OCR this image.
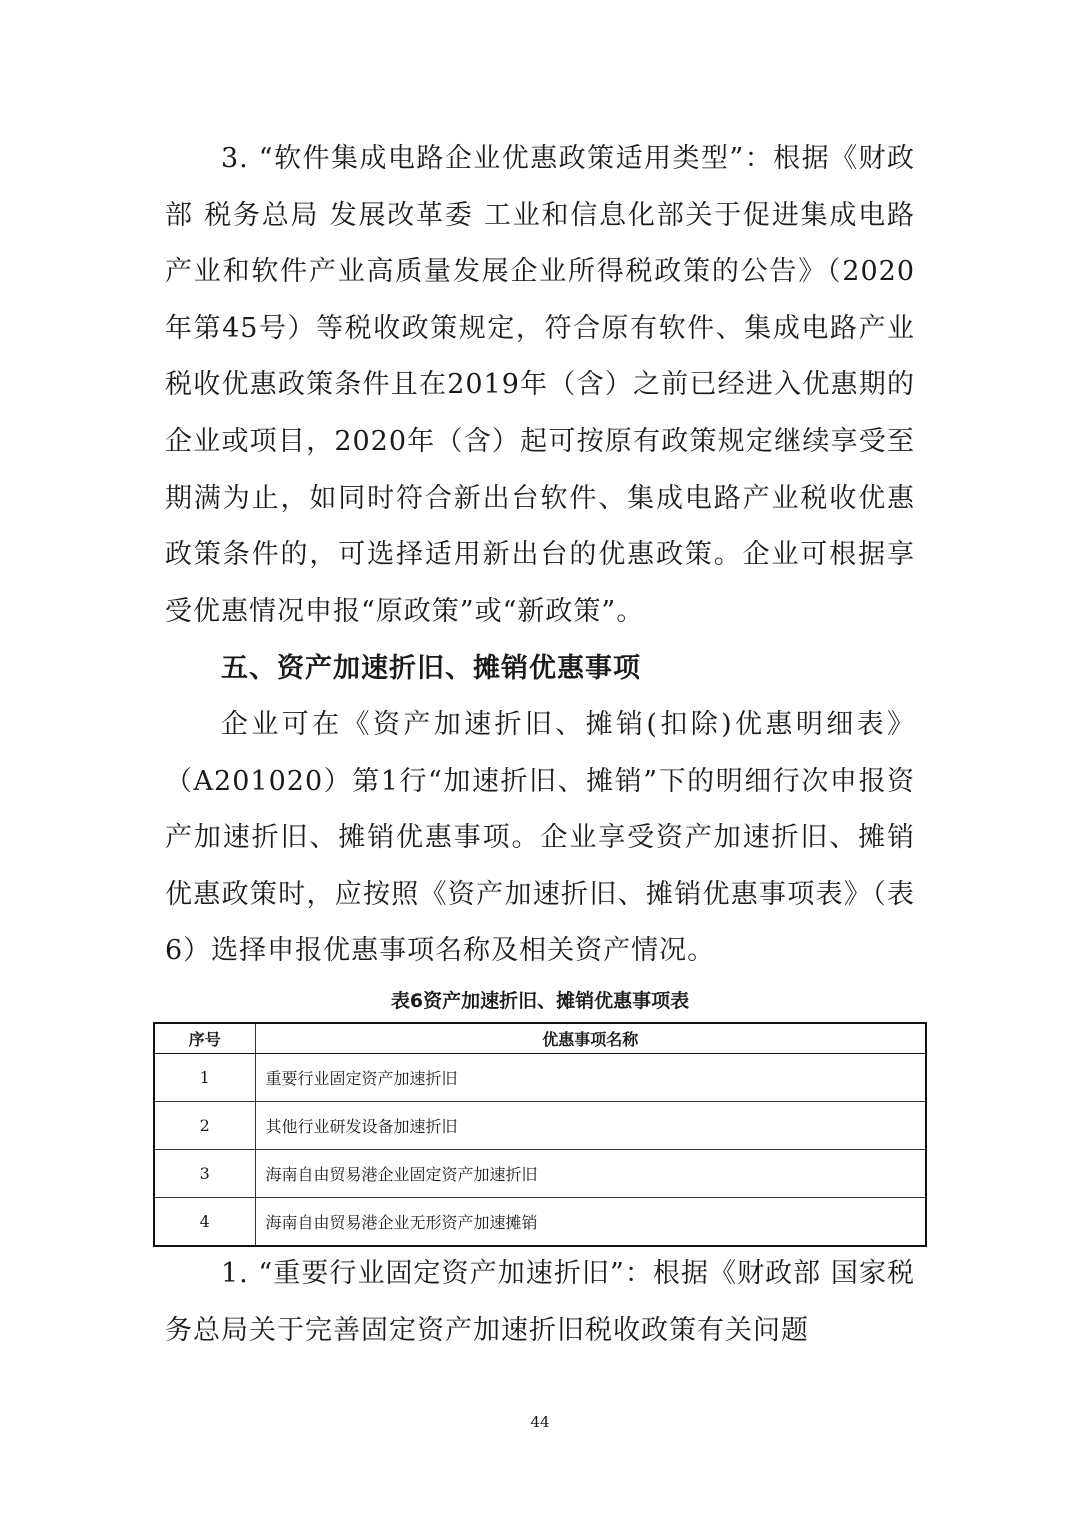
3. “软件集成电路企业优惠政策适用类型”：根据《财政部 税务总局 发展改革委 工业和信息化部关于促进集成电路产业和软件产业高质量发展企业所得税政策的公告》（2020年第45号）等税收政策规定，符合原有软件、集成电路产业税收优惠政策条件且在2019年（含）之前已经进入优惠期的企业或项目，2020年（含）起可按原有政策规定继续享受至期满为止，如同时符合新出台软件、集成电路产业税收优惠政策条件的，可选择适用新出台的优惠政策。企业可根据享受优惠情况申报“原政策”或“新政策”。

五、资产加速折旧、摊销优惠事项

企业可在《资产加速折旧、摊销(扣除)优惠明细表》（A201020）第1行“加速折旧、摊销”下的明细行次申报资产加速折旧、摊销优惠事项。企业享受资产加速折旧、摊销优惠政策时，应按照《资产加速折旧、摊销优惠事项表》（表6）选择申报优惠事项名称及相关资产情况。

表6资产加速折旧、摊销优惠事项表

序号	优惠事项名称
1	重要行业固定资产加速折旧
2	其他行业研发设备加速折旧
3	海南自由贸易港企业固定资产加速折旧
4	海南自由贸易港企业无形资产加速摊销

1. “重要行业固定资产加速折旧”：根据《财政部 国家税务总局关于完善固定资产加速折旧税收政策有关问题

44
